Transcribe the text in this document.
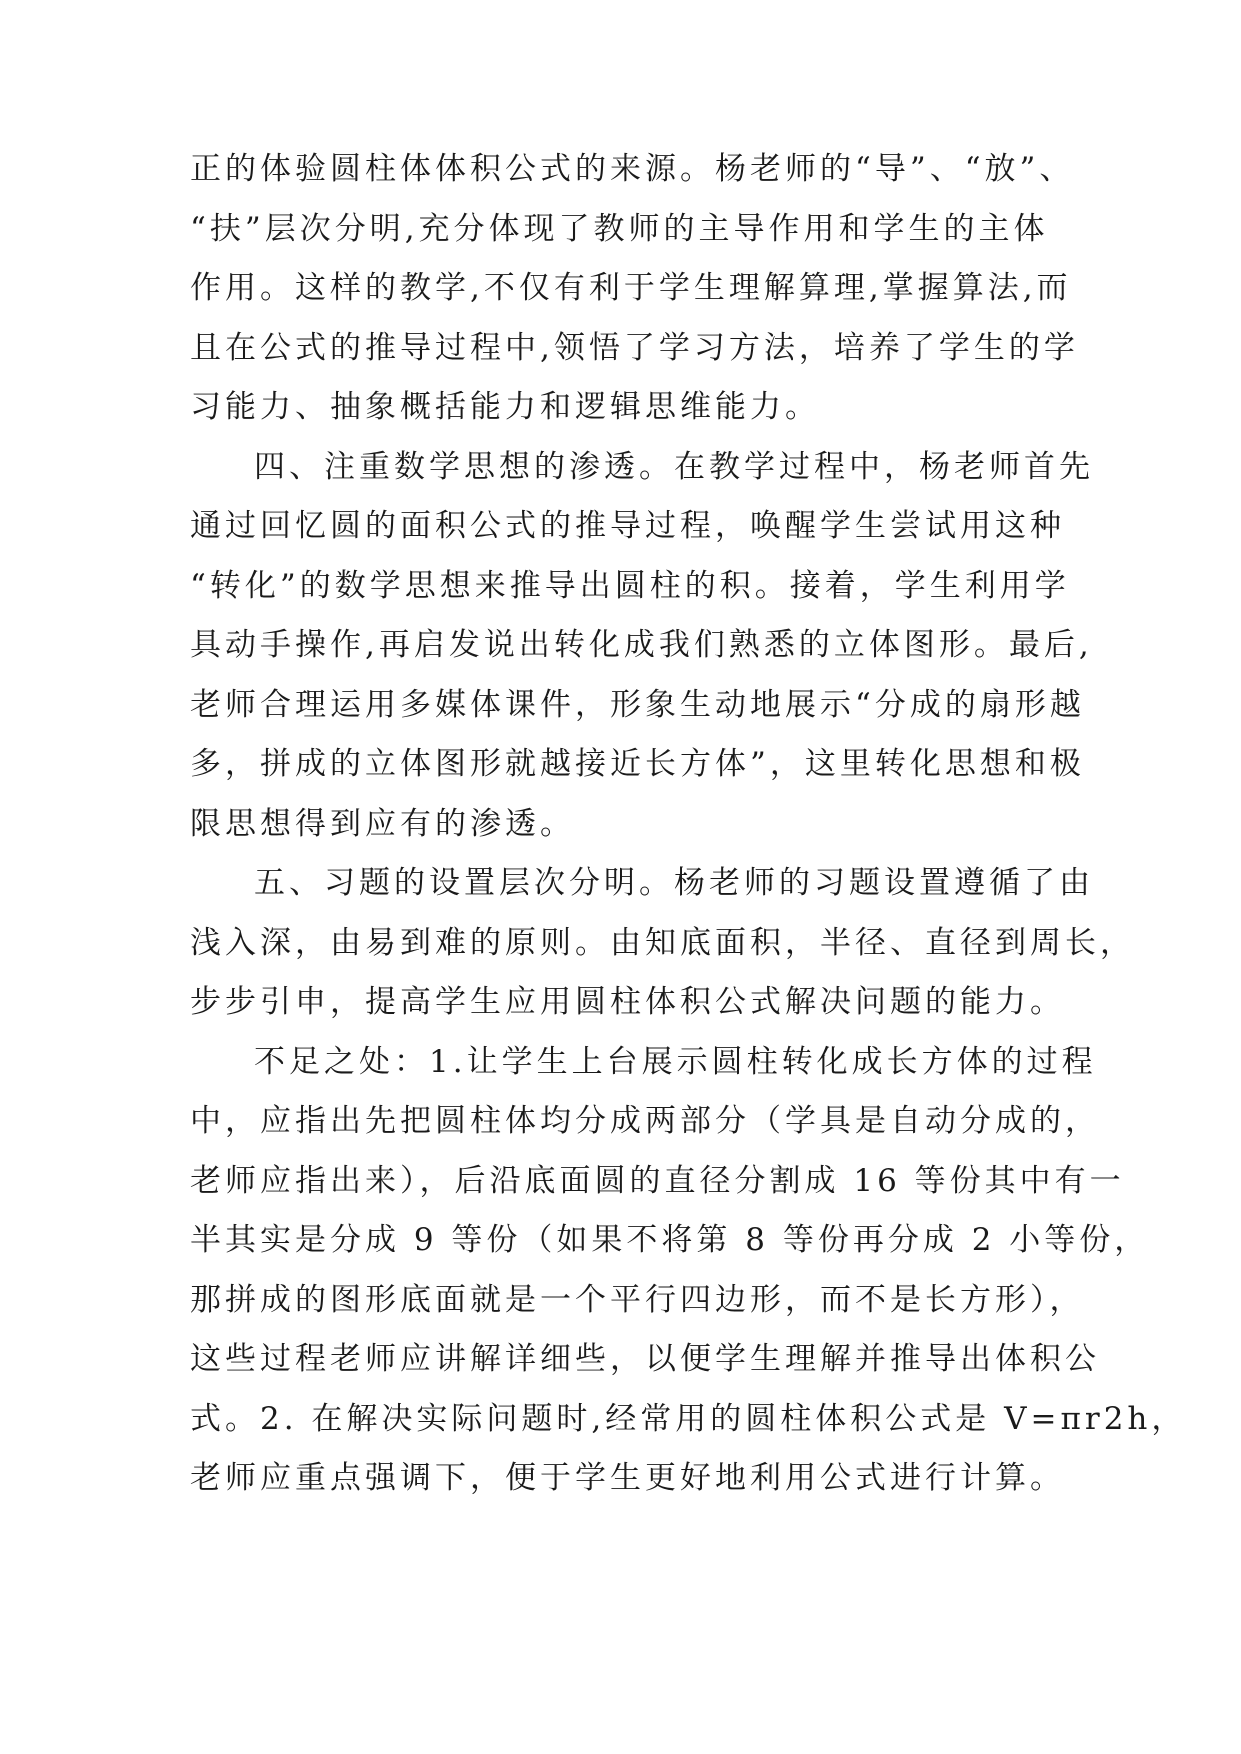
正的体验圆柱体体积公式的来源。杨老师的“导”、“放”、
“扶”层次分明,充分体现了教师的主导作用和学生的主体
作用。这样的教学,不仅有利于学生理解算理,掌握算法,而
且在公式的推导过程中,领悟了学习方法，培养了学生的学
习能力、抽象概括能力和逻辑思维能力。
四、注重数学思想的渗透。在教学过程中，杨老师首先
通过回忆圆的面积公式的推导过程，唤醒学生尝试用这种
“转化”的数学思想来推导出圆柱的积。接着，学生利用学
具动手操作,再启发说出转化成我们熟悉的立体图形。最后,
老师合理运用多媒体课件，形象生动地展示“分成的扇形越
多，拼成的立体图形就越接近长方体”，这里转化思想和极
限思想得到应有的渗透。
五、习题的设置层次分明。杨老师的习题设置遵循了由
浅入深，由易到难的原则。由知底面积，半径、直径到周长，
步步引申，提高学生应用圆柱体积公式解决问题的能力。
不足之处：1.让学生上台展示圆柱转化成长方体的过程
中，应指出先把圆柱体均分成两部分（学具是自动分成的，
老师应指出来），后沿底面圆的直径分割成 16 等份其中有一
半其实是分成 9 等份（如果不将第 8 等份再分成 2 小等份，
那拼成的图形底面就是一个平行四边形，而不是长方形），
这些过程老师应讲解详细些，以便学生理解并推导出体积公
式。2. 在解决实际问题时,经常用的圆柱体积公式是 V=πr2h，
老师应重点强调下，便于学生更好地利用公式进行计算。
